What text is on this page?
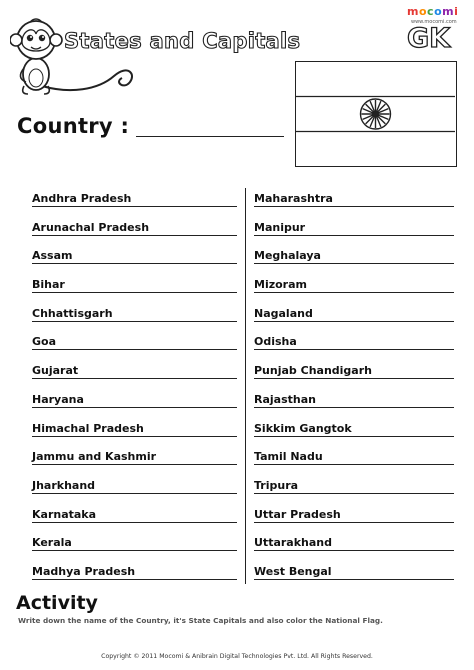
States and Capitals
mocomi
www.mocomi.com
GK
Country :
Andhra Pradesh
Arunachal Pradesh
Assam
Bihar
Chhattisgarh
Goa
Gujarat
Haryana
Himachal Pradesh
Jammu and Kashmir
Jharkhand
Karnataka
Kerala
Madhya Pradesh
Maharashtra
Manipur
Meghalaya
Mizoram
Nagaland
Odisha
Punjab Chandigarh
Rajasthan
Sikkim Gangtok
Tamil Nadu
Tripura
Uttar Pradesh
Uttarakhand
West Bengal
Activity
Write down the name of the Country, it's State Capitals and also color the National Flag.
Copyright © 2011 Mocomi & Anibrain Digital Technologies Pvt. Ltd. All Rights Reserved.
